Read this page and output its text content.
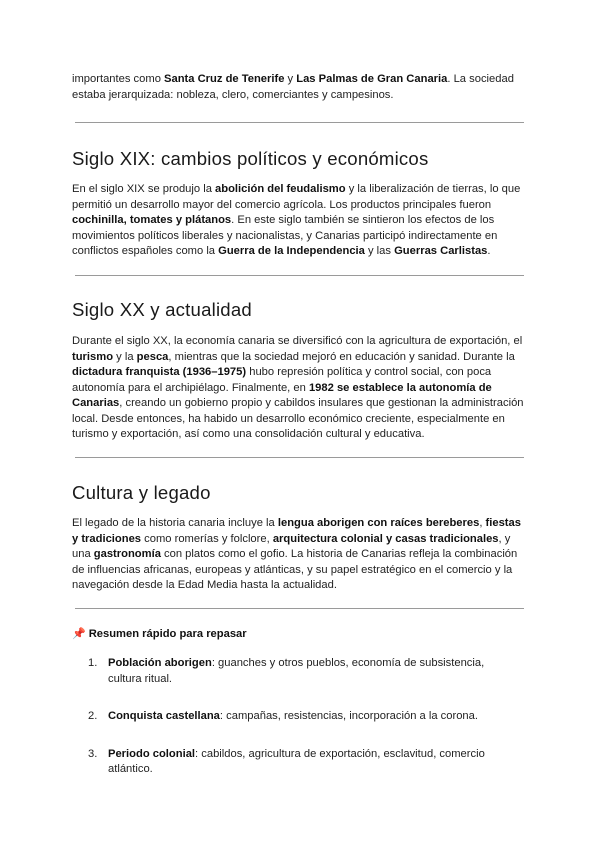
importantes como Santa Cruz de Tenerife y Las Palmas de Gran Canaria. La sociedad estaba jerarquizada: nobleza, clero, comerciantes y campesinos.

Siglo XIX: cambios políticos y económicos

En el siglo XIX se produjo la abolición del feudalismo y la liberalización de tierras, lo que permitió un desarrollo mayor del comercio agrícola. Los productos principales fueron cochinilla, tomates y plátanos. En este siglo también se sintieron los efectos de los movimientos políticos liberales y nacionalistas, y Canarias participó indirectamente en conflictos españoles como la Guerra de la Independencia y las Guerras Carlistas.

Siglo XX y actualidad

Durante el siglo XX, la economía canaria se diversificó con la agricultura de exportación, el turismo y la pesca, mientras que la sociedad mejoró en educación y sanidad. Durante la dictadura franquista (1936–1975) hubo represión política y control social, con poca autonomía para el archipiélago. Finalmente, en 1982 se establece la autonomía de Canarias, creando un gobierno propio y cabildos insulares que gestionan la administración local. Desde entonces, ha habido un desarrollo económico creciente, especialmente en turismo y exportación, así como una consolidación cultural y educativa.

Cultura y legado

El legado de la historia canaria incluye la lengua aborigen con raíces bereberes, fiestas y tradiciones como romerías y folclore, arquitectura colonial y casas tradicionales, y una gastronomía con platos como el gofio. La historia de Canarias refleja la combinación de influencias africanas, europeas y atlánticas, y su papel estratégico en el comercio y la navegación desde la Edad Media hasta la actualidad.

📌 Resumen rápido para repasar
1. Población aborigen: guanches y otros pueblos, economía de subsistencia, cultura ritual.
2. Conquista castellana: campañas, resistencias, incorporación a la corona.
3. Periodo colonial: cabildos, agricultura de exportación, esclavitud, comercio atlántico.
